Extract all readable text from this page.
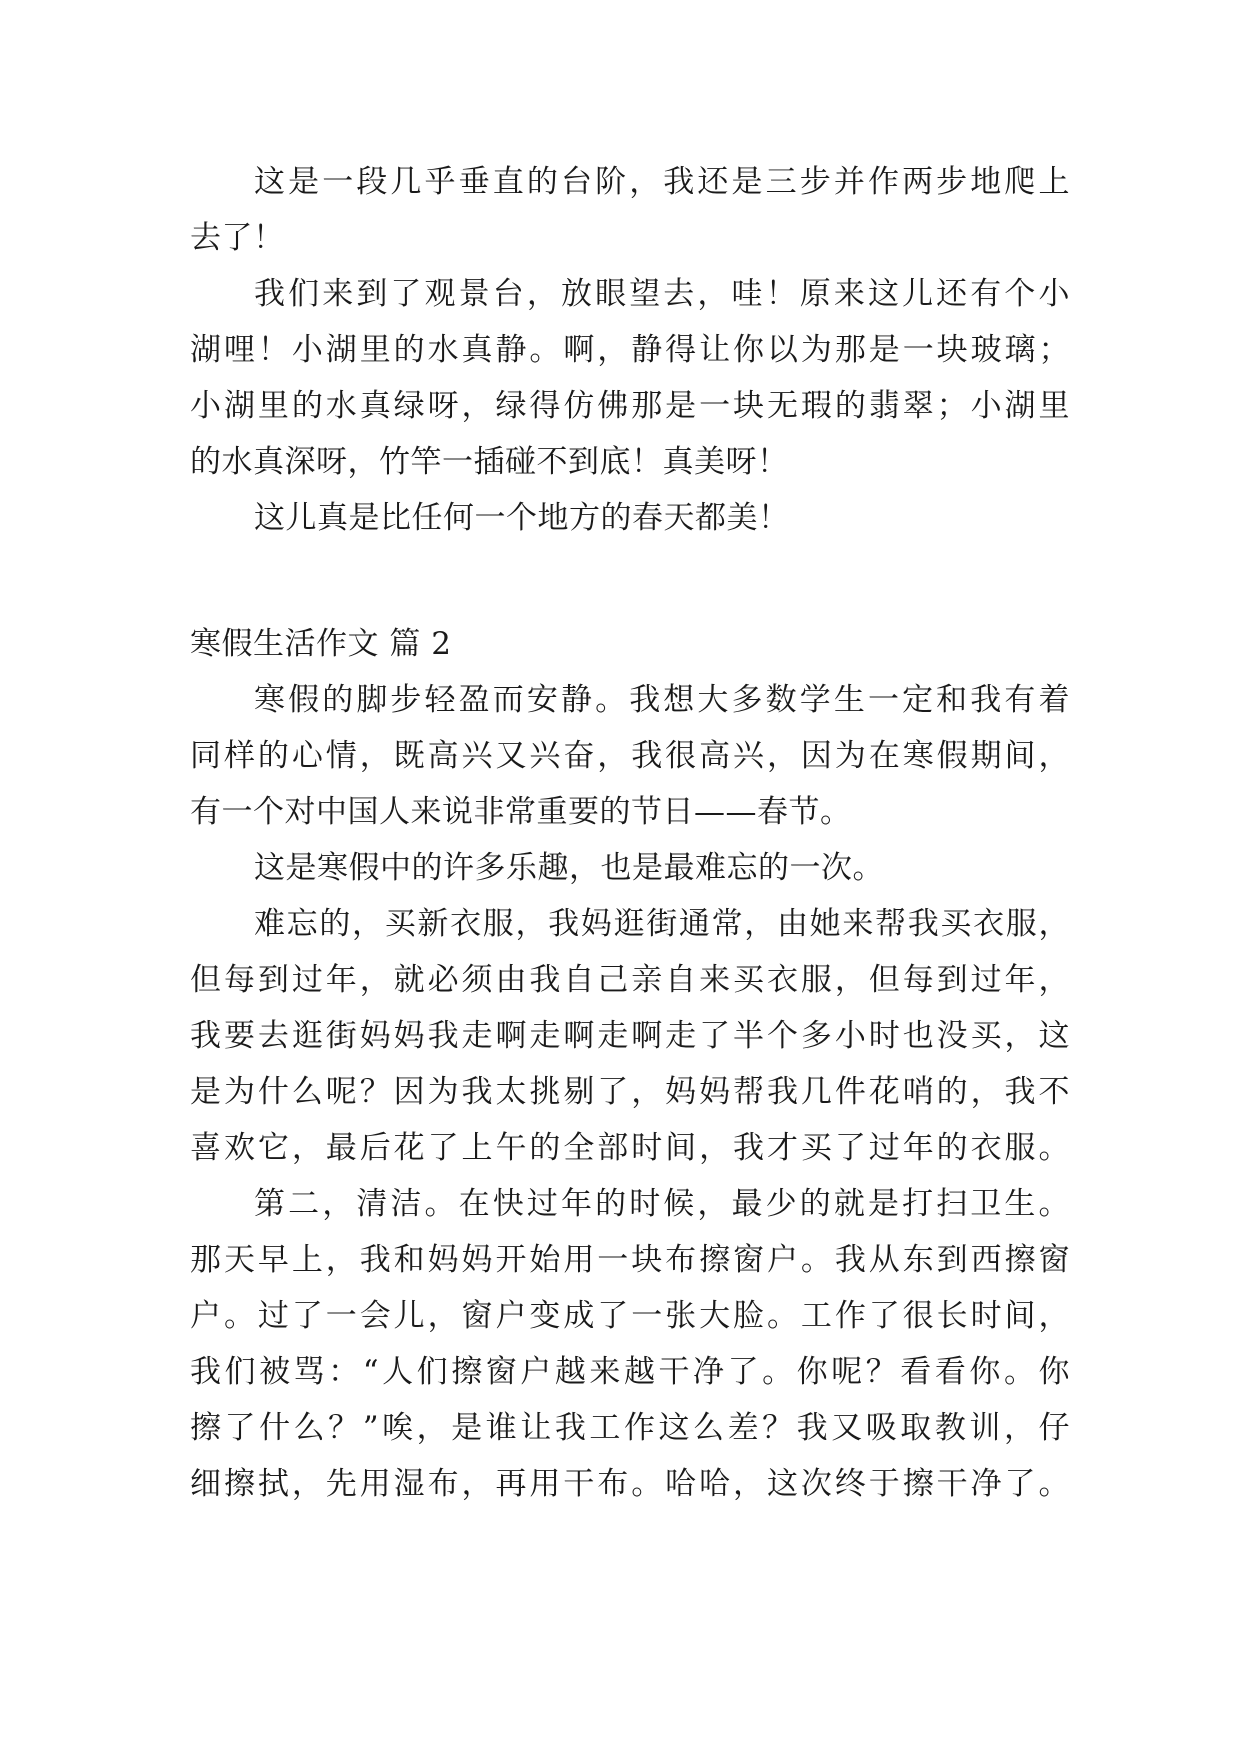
这是一段几乎垂直的台阶，我还是三步并作两步地爬上
去了！
我们来到了观景台，放眼望去，哇！原来这儿还有个小
湖哩！小湖里的水真静。啊，静得让你以为那是一块玻璃；
小湖里的水真绿呀，绿得仿佛那是一块无瑕的翡翠；小湖里
的水真深呀，竹竿一插碰不到底！真美呀！
这儿真是比任何一个地方的春天都美！
寒假生活作文 篇 2
寒假的脚步轻盈而安静。我想大多数学生一定和我有着
同样的心情，既高兴又兴奋，我很高兴，因为在寒假期间，
有一个对中国人来说非常重要的节日——春节。
这是寒假中的许多乐趣，也是最难忘的一次。
难忘的，买新衣服，我妈逛街通常，由她来帮我买衣服，
但每到过年，就必须由我自己亲自来买衣服，但每到过年，
我要去逛街妈妈我走啊走啊走啊走了半个多小时也没买，这
是为什么呢？因为我太挑剔了，妈妈帮我几件花哨的，我不
喜欢它，最后花了上午的全部时间，我才买了过年的衣服。
第二，清洁。在快过年的时候，最少的就是打扫卫生。
那天早上，我和妈妈开始用一块布擦窗户。我从东到西擦窗
户。过了一会儿，窗户变成了一张大脸。工作了很长时间，
我们被骂：“人们擦窗户越来越干净了。你呢？看看你。你
擦了什么？”唉，是谁让我工作这么差？我又吸取教训，仔
细擦拭，先用湿布，再用干布。哈哈，这次终于擦干净了。
